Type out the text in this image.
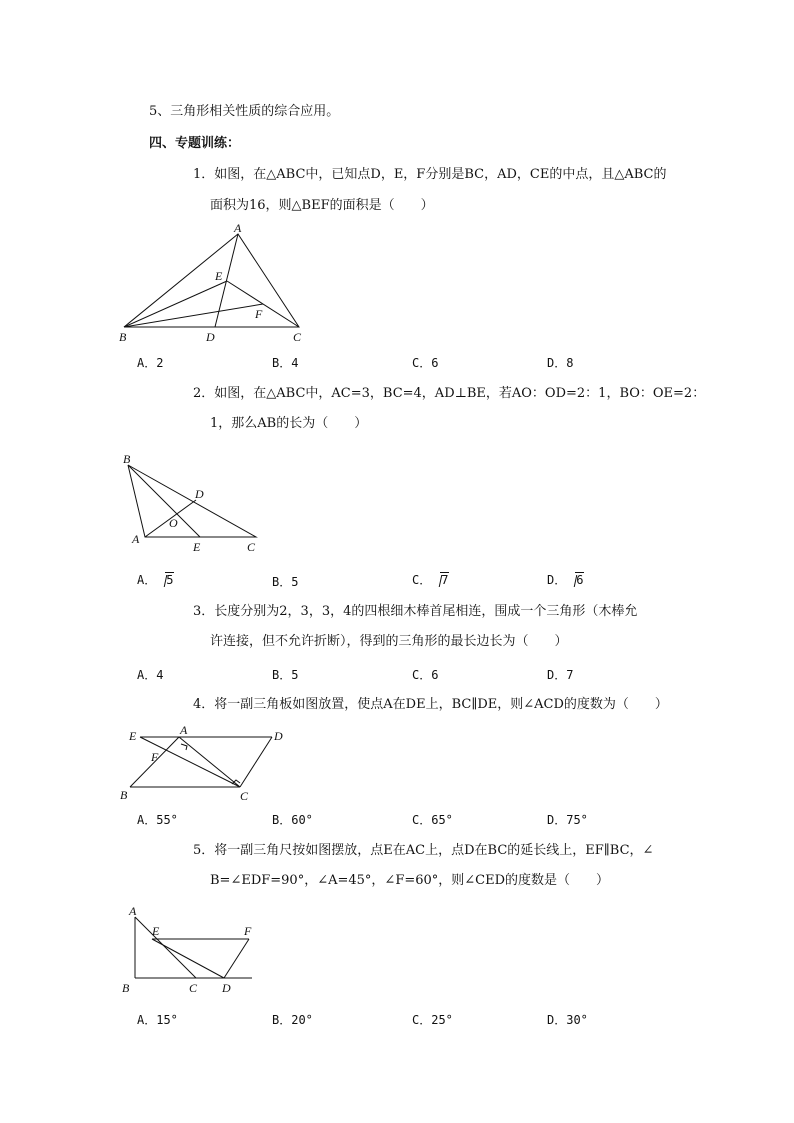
5、三角形相关性质的综合应用。
四、专题训练：
1．如图，在△ABC中，已知点D，E，F分别是BC，AD，CE的中点，且△ABC的
面积为16，则△BEF的面积是（　　）
A
B	C
D
E
F
A．2	B．4	C．6	D．8
2．如图，在△ABC中，AC=3，BC=4，AD⊥BE，若AO：OD=2：1，BO：OE=2：
1，那么AB的长为（　　）
B
D
O
A
E	C
A． 5	B．5	C． 7	D． 6
3．长度分别为2，3，3，4的四根细木棒首尾相连，围成一个三角形（木棒允
许连接，但不允许折断），得到的三角形的最长边长为（　　）
A．4	B．5	C．6	D．7
4．将一副三角板如图放置，使点A在DE上，BC∥DE，则∠ACD的度数为（　　）
E	A	D
F
B	C
A．55°	B．60°	C．65°	D．75°
5．将一副三角尺按如图摆放，点E在AC上，点D在BC的延长线上，EF∥BC，∠
B=∠EDF=90°，∠A=45°，∠F=60°，则∠CED的度数是（　　）
A
E	F
B	C D
A．15°	B．20°	C．25°	D．30°
